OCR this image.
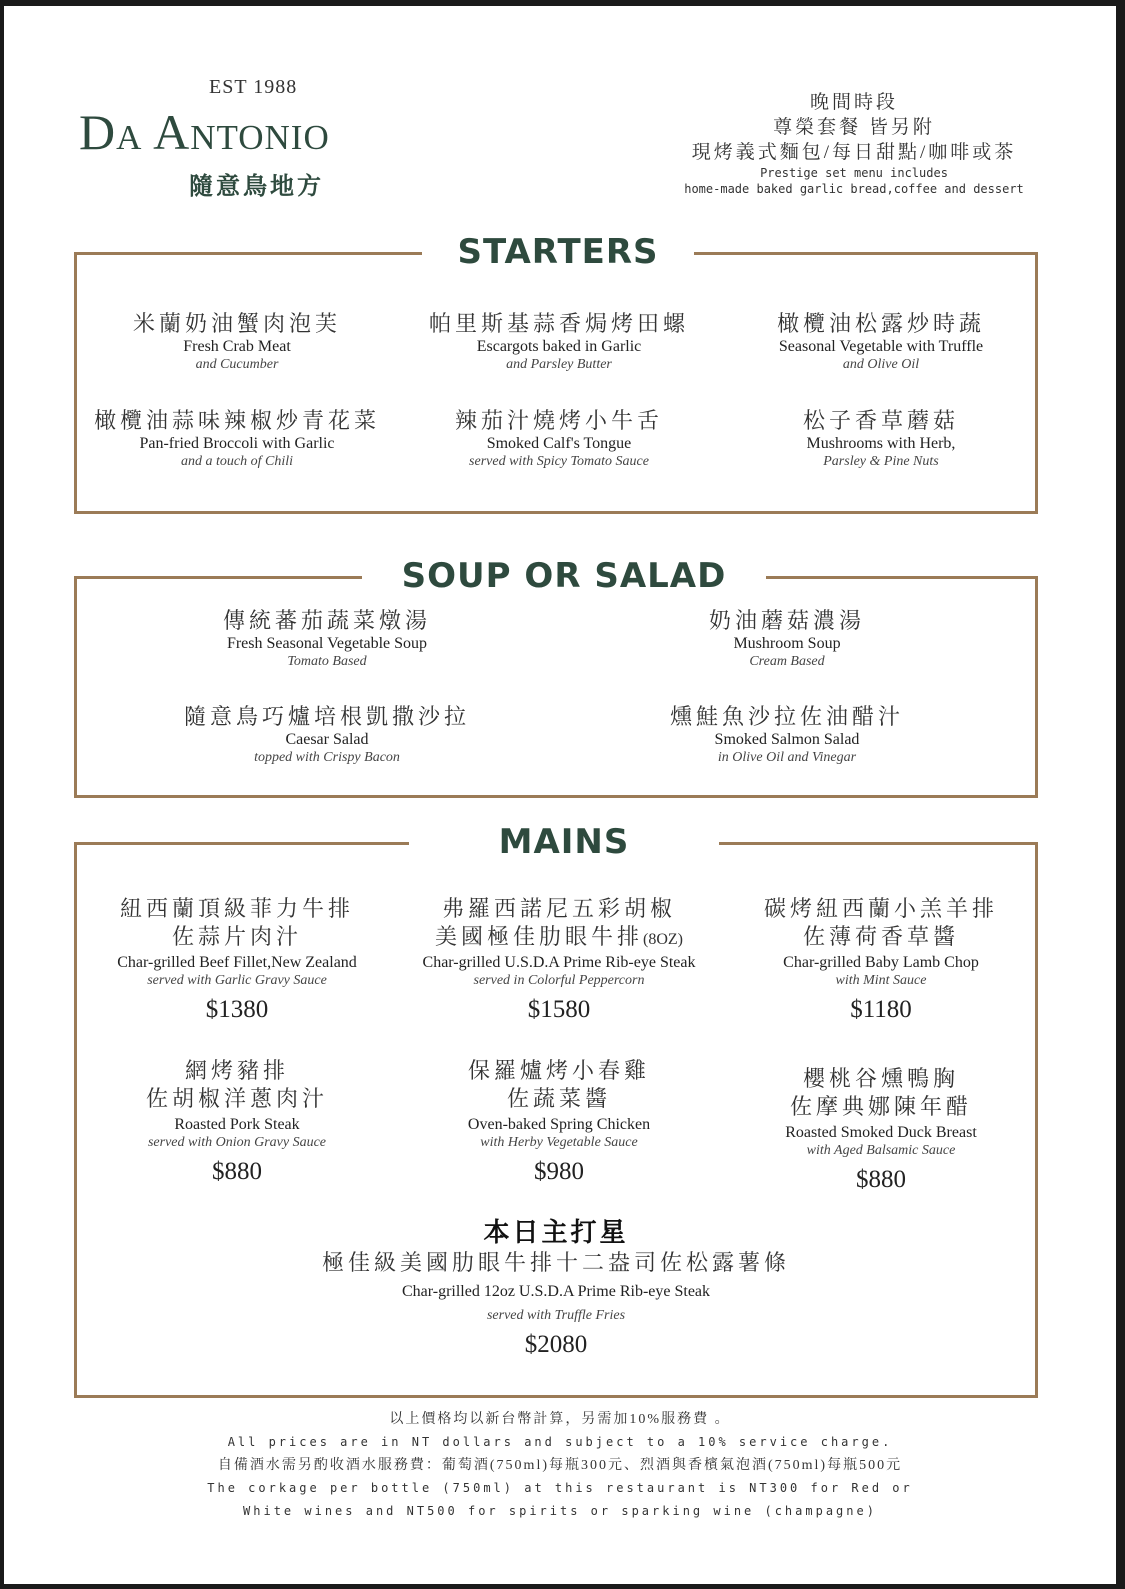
EST 1988
Da Antonio
隨意鳥地方
晚間時段
尊榮套餐 皆另附
現烤義式麵包/每日甜點/咖啡或茶
Prestige set menu includes
home-made baked garlic bread,coffee and dessert
STARTERS
米蘭奶油蟹肉泡芙
Fresh Crab Meat
and Cucumber
帕里斯基蒜香焗烤田螺
Escargots baked in Garlic
and Parsley Butter
橄欖油松露炒時蔬
Seasonal Vegetable with Truffle
and Olive Oil
橄欖油蒜味辣椒炒青花菜
Pan-fried Broccoli with Garlic
and a touch of Chili
辣茄汁燒烤小牛舌
Smoked Calf's Tongue
served with Spicy Tomato Sauce
松子香草蘑菇
Mushrooms with Herb,
Parsley & Pine Nuts
SOUP OR SALAD
傳統蕃茄蔬菜燉湯
Fresh Seasonal Vegetable Soup
Tomato Based
奶油蘑菇濃湯
Mushroom Soup
Cream Based
隨意鳥巧爐培根凱撒沙拉
Caesar Salad
topped with Crispy Bacon
燻鮭魚沙拉佐油醋汁
Smoked Salmon Salad
in Olive Oil and Vinegar
MAINS
紐西蘭頂級菲力牛排
佐蒜片肉汁
Char-grilled Beef Fillet,New Zealand
served with Garlic Gravy Sauce
$1380
弗羅西諾尼五彩胡椒
美國極佳肋眼牛排(8OZ)
Char-grilled U.S.D.A Prime Rib-eye Steak
served in Colorful Peppercorn
$1580
碳烤紐西蘭小羔羊排
佐薄荷香草醬
Char-grilled Baby Lamb Chop
with Mint Sauce
$1180
網烤豬排
佐胡椒洋蔥肉汁
Roasted Pork Steak
served with Onion Gravy Sauce
$880
保羅爐烤小春雞
佐蔬菜醬
Oven-baked Spring Chicken
with Herby Vegetable Sauce
$980
櫻桃谷燻鴨胸
佐摩典娜陳年醋
Roasted Smoked Duck Breast
with Aged Balsamic Sauce
$880
本日主打星
極佳級美國肋眼牛排十二盎司佐松露薯條
Char-grilled 12oz U.S.D.A Prime Rib-eye Steak
served with Truffle Fries
$2080
以上價格均以新台幣計算，另需加10%服務費 。
All prices are in NT dollars and subject to a 10% service charge.
自備酒水需另酌收酒水服務費：葡萄酒(750ml)每瓶300元、烈酒與香檳氣泡酒(750ml)每瓶500元
The corkage per bottle (750ml) at this restaurant is NT300 for Red or
White wines and NT500 for spirits or sparking wine (champagne)
